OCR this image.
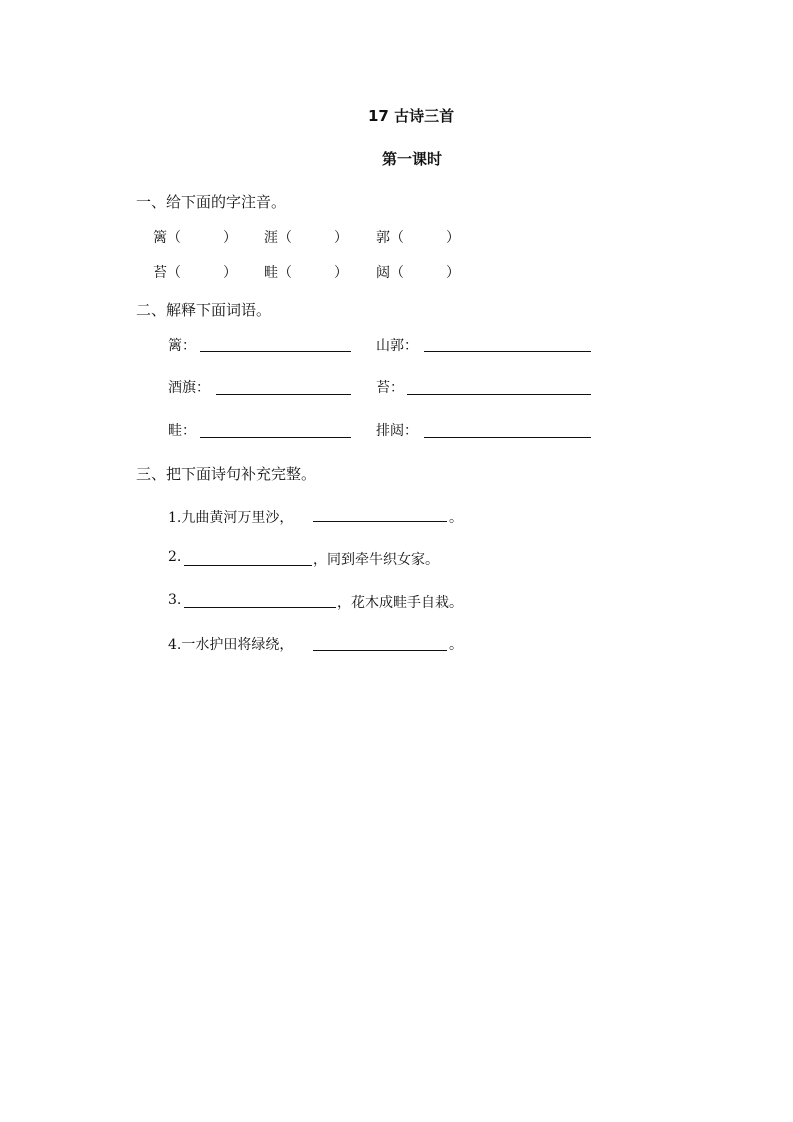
17 古诗三首
第一课时
一、给下面的字注音。
篱（　　　） 涯（　　　） 郭（　　　）
苔（　　　） 畦（　　　） 闼（　　　）
二、解释下面词语。
篱：	山郭：
酒旗：	苔：
畦：	排闼：
三、把下面诗句补充完整。
1.九曲黄河万里沙，	。
2.	，同到牵牛织女家。
3.	，花木成畦手自栽。
4.一水护田将绿绕，	。
